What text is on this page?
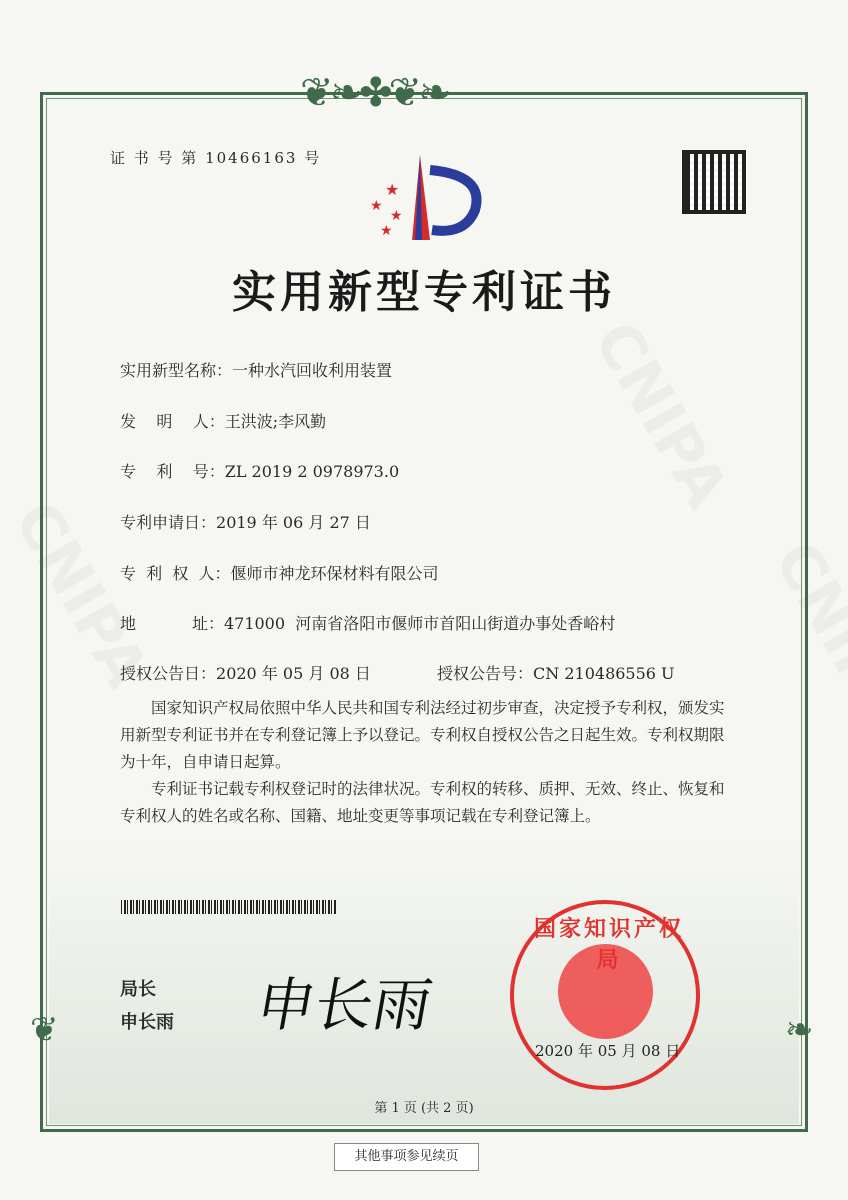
❦❧✤❦❧
❦	❧
证 书 号 第 10466163 号
★
★
★
★
实用新型专利证书
实用新型名称：一种水汽回收利用装置
发    明    人：王洪波;李风勤
专    利    号：ZL 2019 2 0978973.0
专利申请日：2019 年 06 月 27 日
专  利  权  人：偃师市神龙环保材料有限公司
地           址：471000  河南省洛阳市偃师市首阳山街道办事处香峪村
授权公告日：2020 年 05 月 08 日	授权公告号：CN 210486556 U
国家知识产权局依照中华人民共和国专利法经过初步审查，决定授予专利权，颁发实用新型专利证书并在专利登记簿上予以登记。专利权自授权公告之日起生效。专利权期限为十年，自申请日起算。
专利证书记载专利权登记时的法律状况。专利权的转移、质押、无效、终止、恢复和专利权人的姓名或名称、国籍、地址变更等事项记载在专利登记簿上。
局长
申长雨 申长雨
国家知识产权局
2020 年 05 月 08 日
第 1 页 (共 2 页)
其他事项参见续页
